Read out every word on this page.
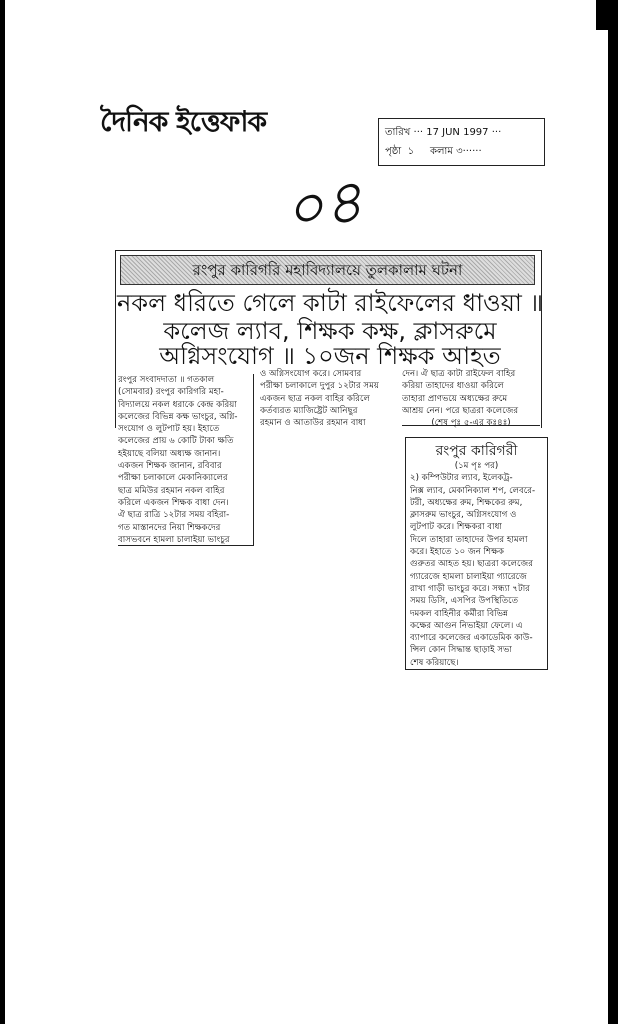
দৈনিক ইত্তেফাক	তারিখ ··· 17 JUN 1997 ···
পৃষ্ঠা ১ কলাম ৩······
০৪
রংপুর কারিগরি মহাবিদ্যালয়ে তুলকালাম ঘটনা
নকল ধরিতে গেলে কাটা রাইফেলের ধাওয়া ॥
কলেজ ল্যাব, শিক্ষক কক্ষ, ক্লাসরুমে
অগ্নিসংযোগ ॥ ১০জন শিক্ষক আহত

রংপুর সংবাদদাতা ॥ গতকাল

(সোমবার) রংপুর কারিগরি মহা-

বিদ্যালয়ে নকল ধরাকে কেন্দ্র করিয়া

কলেজের বিভিন্ন কক্ষ ভাংচুর, অগ্নি-

সংযোগ ও লুটপাট হয়। ইহাতে

কলেজের প্রায় ৬ কোটি টাকা ক্ষতি

হইয়াছে বলিয়া অধ্যক্ষ জানান।

একজন শিক্ষক জানান, রবিবার

পরীক্ষা চলাকালে মেকানিক্যালের

ছাত্র মমিউর রহমান নকল বাহির

করিলে একজন শিক্ষক বাধা দেন।

ঐ ছাত্র রাত্রি ১২টার সময় বহিরা-

গত মাস্তানদের নিয়া শিক্ষকদের

বাসভবনে হামলা চালাইয়া ভাংচুর

ও অগ্নিসংযোগ করে। সোমবার

পরীক্ষা চলাকালে দুপুর ১২টার সময়

একজন ছাত্র নকল বাহির করিলে

কর্তব্যরত ম্যাজিষ্ট্রেট আনিছুর

রহমান ও আতাউর রহমান বাধা

দেন। ঐ ছাত্র কাটা রাইফেল বাহির

করিয়া তাহাদের ধাওয়া করিলে

তাহারা প্রাণভয়ে অধ্যক্ষের রুমে

আশ্রয় নেন। পরে ছাত্ররা কলেজের

(শেষ পৃঃ ৫-এর কঃ৪ঃ)

রংপুর কারিগরী
(১ম পৃঃ পর)

২) কম্পিউটার ল্যাব, ইলেকট্র-

নিক্স ল্যাব, মেকানিক্যাল শপ, লেবরে-

টরী, অধ্যক্ষের রুম, শিক্ষকের রুম,

ক্লাসরুম ভাংচুর, অগ্নিসংযোগ ও

লুটপাট করে। শিক্ষকরা বাধা

দিলে তাহারা তাহাদের উপর হামলা

করে। ইহাতে ১০ জন শিক্ষক

গুরুতর আহত হয়। ছাত্ররা কলেজের

গ্যারেজে হামলা চালাইয়া গ্যারেজে

রাখা গাড়ী ভাংচুর করে। সন্ধ্যা ৭টার

সময় ডিসি, এসপির উপস্থিতিতে

দমকল বাহিনীর কর্মীরা বিভিন্ন

কক্ষের আগুন নিভাইয়া ফেলে। এ

ব্যাপারে কলেজের একাডেমিক কাউ-

ন্সিল কোন সিদ্ধান্ত ছাড়াই সভা

শেষ করিয়াছে।
